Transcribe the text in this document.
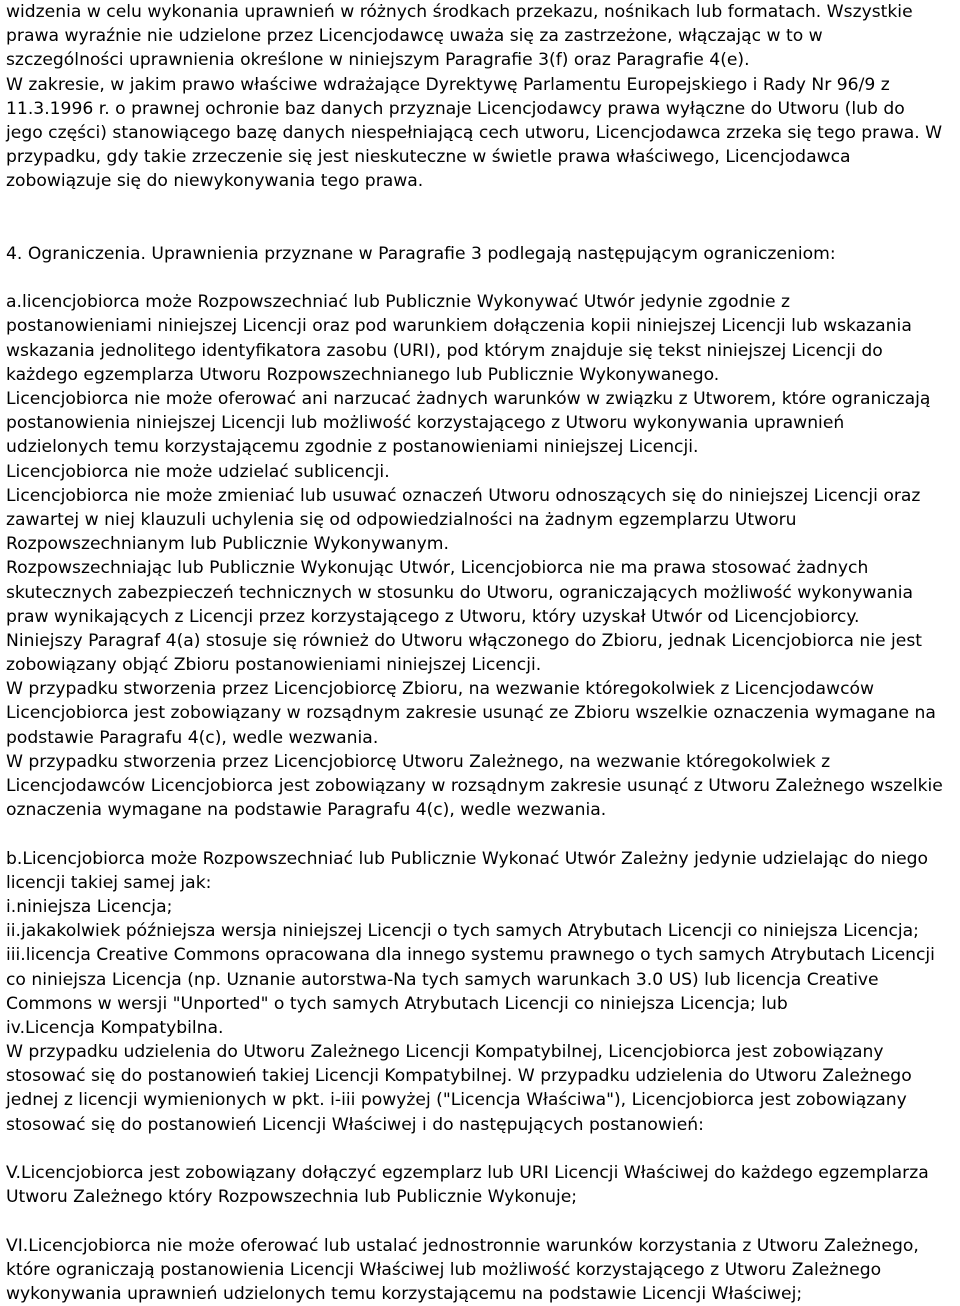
widzenia w celu wykonania uprawnień w różnych środkach przekazu, nośnikach lub formatach. Wszystkie
prawa wyraźnie nie udzielone przez Licencjodawcę uważa się za zastrzeżone, włączając w to w
szczególności uprawnienia określone w niniejszym Paragrafie 3(f) oraz Paragrafie 4(e).
W zakresie, w jakim prawo właściwe wdrażające Dyrektywę Parlamentu Europejskiego i Rady Nr 96/9 z
11.3.1996 r. o prawnej ochronie baz danych przyznaje Licencjodawcy prawa wyłączne do Utworu (lub do
jego części) stanowiącego bazę danych niespełniającą cech utworu, Licencjodawca zrzeka się tego prawa. W
przypadku, gdy takie zrzeczenie się jest nieskuteczne w świetle prawa właściwego, Licencjodawca
zobowiązuje się do niewykonywania tego prawa.
4. Ograniczenia. Uprawnienia przyznane w Paragrafie 3 podlegają następującym ograniczeniom:
a.licencjobiorca może Rozpowszechniać lub Publicznie Wykonywać Utwór jedynie zgodnie z
postanowieniami niniejszej Licencji oraz pod warunkiem dołączenia kopii niniejszej Licencji lub wskazania
wskazania jednolitego identyfikatora zasobu (URI), pod którym znajduje się tekst niniejszej Licencji do
każdego egzemplarza Utworu Rozpowszechnianego lub Publicznie Wykonywanego.
Licencjobiorca nie może oferować ani narzucać żadnych warunków w związku z Utworem, które ograniczają
postanowienia niniejszej Licencji lub możliwość korzystającego z Utworu wykonywania uprawnień
udzielonych temu korzystającemu zgodnie z postanowieniami niniejszej Licencji.
Licencjobiorca nie może udzielać sublicencji.
Licencjobiorca nie może zmieniać lub usuwać oznaczeń Utworu odnoszących się do niniejszej Licencji oraz
zawartej w niej klauzuli uchylenia się od odpowiedzialności na żadnym egzemplarzu Utworu
Rozpowszechnianym lub Publicznie Wykonywanym.
Rozpowszechniając lub Publicznie Wykonując Utwór, Licencjobiorca nie ma prawa stosować żadnych
skutecznych zabezpieczeń technicznych w stosunku do Utworu, ograniczających możliwość wykonywania
praw wynikających z Licencji przez korzystającego z Utworu, który uzyskał Utwór od Licencjobiorcy.
Niniejszy Paragraf 4(a) stosuje się również do Utworu włączonego do Zbioru, jednak Licencjobiorca nie jest
zobowiązany objąć Zbioru postanowieniami niniejszej Licencji.
W przypadku stworzenia przez Licencjobiorcę Zbioru, na wezwanie któregokolwiek z Licencjodawców
Licencjobiorca jest zobowiązany w rozsądnym zakresie usunąć ze Zbioru wszelkie oznaczenia wymagane na
podstawie Paragrafu 4(c), wedle wezwania.
W przypadku stworzenia przez Licencjobiorcę Utworu Zależnego, na wezwanie któregokolwiek z
Licencjodawców Licencjobiorca jest zobowiązany w rozsądnym zakresie usunąć z Utworu Zależnego wszelkie
oznaczenia wymagane na podstawie Paragrafu 4(c), wedle wezwania.
b.Licencjobiorca może Rozpowszechniać lub Publicznie Wykonać Utwór Zależny jedynie udzielając do niego
licencji takiej samej jak:
i.niniejsza Licencja;
ii.jakakolwiek późniejsza wersja niniejszej Licencji o tych samych Atrybutach Licencji co niniejsza Licencja;
iii.licencja Creative Commons opracowana dla innego systemu prawnego o tych samych Atrybutach Licencji
co niniejsza Licencja (np. Uznanie autorstwa-Na tych samych warunkach 3.0 US) lub licencja Creative
Commons w wersji "Unported" o tych samych Atrybutach Licencji co niniejsza Licencja; lub
iv.Licencja Kompatybilna.
W przypadku udzielenia do Utworu Zależnego Licencji Kompatybilnej, Licencjobiorca jest zobowiązany
stosować się do postanowień takiej Licencji Kompatybilnej. W przypadku udzielenia do Utworu Zależnego
jednej z licencji wymienionych w pkt. i-iii powyżej ("Licencja Właściwa"), Licencjobiorca jest zobowiązany
stosować się do postanowień Licencji Właściwej i do następujących postanowień:
V.Licencjobiorca jest zobowiązany dołączyć egzemplarz lub URI Licencji Właściwej do każdego egzemplarza
Utworu Zależnego który Rozpowszechnia lub Publicznie Wykonuje;
VI.Licencjobiorca nie może oferować lub ustalać jednostronnie warunków korzystania z Utworu Zależnego,
które ograniczają postanowienia Licencji Właściwej lub możliwość korzystającego z Utworu Zależnego
wykonywania uprawnień udzielonych temu korzystającemu na podstawie Licencji Właściwej;
